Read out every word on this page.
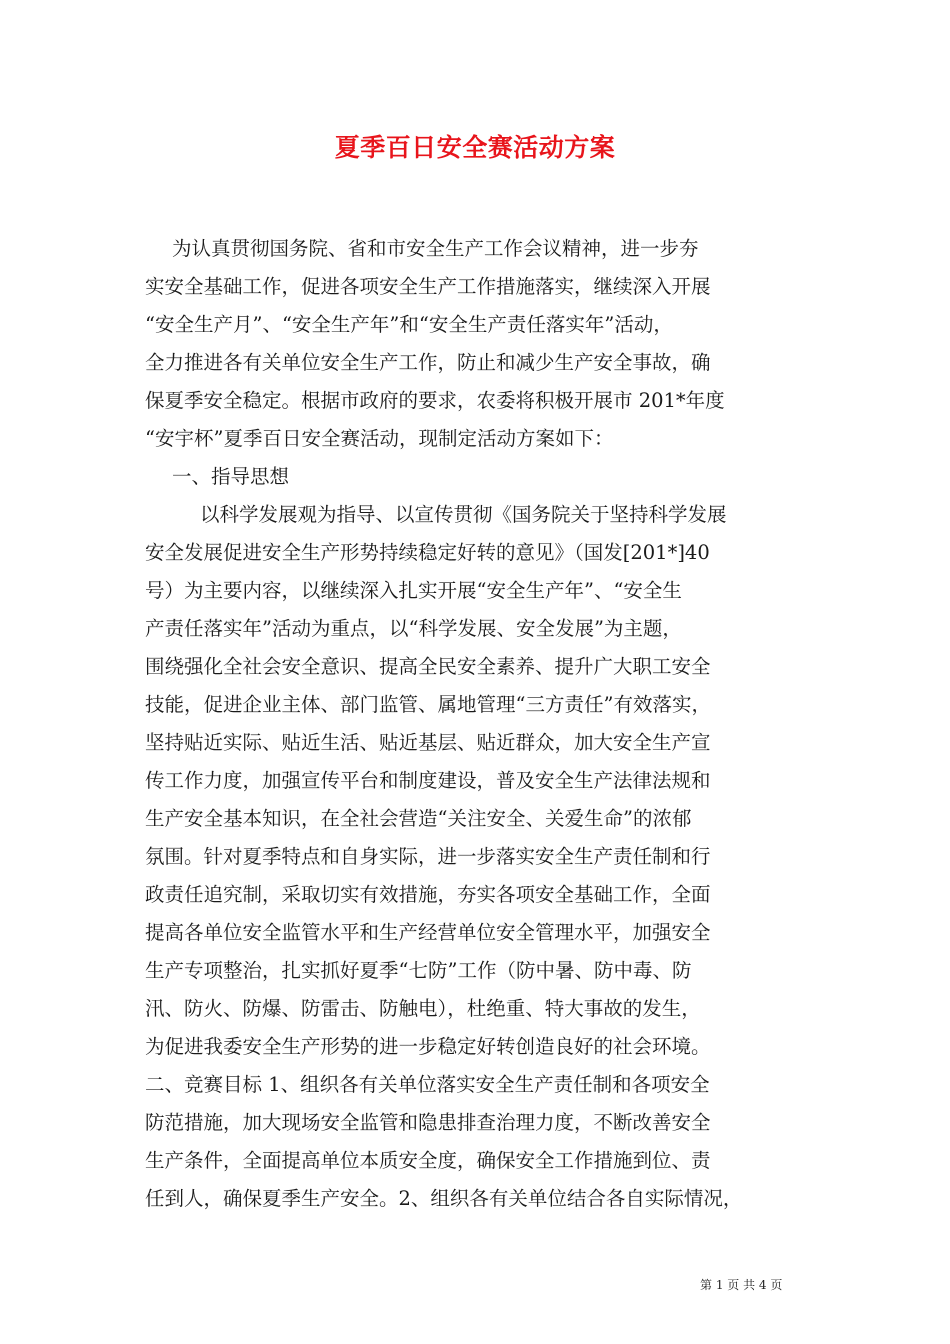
夏季百日安全赛活动方案
为认真贯彻国务院、省和市安全生产工作会议精神，进一步夯
实安全基础工作，促进各项安全生产工作措施落实，继续深入开展
“安全生产月”、“安全生产年”和“安全生产责任落实年”活动，
全力推进各有关单位安全生产工作，防止和减少生产安全事故，确
保夏季安全稳定。根据市政府的要求，农委将积极开展市 201*年度
“安宇杯”夏季百日安全赛活动，现制定活动方案如下：
一、指导思想
以科学发展观为指导、以宣传贯彻《国务院关于坚持科学发展
安全发展促进安全生产形势持续稳定好转的意见》（国发[201*]40
号）为主要内容，以继续深入扎实开展“安全生产年”、“安全生
产责任落实年”活动为重点，以“科学发展、安全发展”为主题，
围绕强化全社会安全意识、提高全民安全素养、提升广大职工安全
技能，促进企业主体、部门监管、属地管理“三方责任”有效落实，
坚持贴近实际、贴近生活、贴近基层、贴近群众，加大安全生产宣
传工作力度，加强宣传平台和制度建设，普及安全生产法律法规和
生产安全基本知识，在全社会营造“关注安全、关爱生命”的浓郁
氛围。针对夏季特点和自身实际，进一步落实安全生产责任制和行
政责任追究制，采取切实有效措施，夯实各项安全基础工作，全面
提高各单位安全监管水平和生产经营单位安全管理水平，加强安全
生产专项整治，扎实抓好夏季“七防”工作（防中暑、防中毒、防
汛、防火、防爆、防雷击、防触电），杜绝重、特大事故的发生，
为促进我委安全生产形势的进一步稳定好转创造良好的社会环境。
二、竞赛目标 1、组织各有关单位落实安全生产责任制和各项安全
防范措施，加大现场安全监管和隐患排查治理力度，不断改善安全
生产条件，全面提高单位本质安全度，确保安全工作措施到位、责
任到人，确保夏季生产安全。2、组织各有关单位结合各自实际情况，
第 1 页 共 4 页
